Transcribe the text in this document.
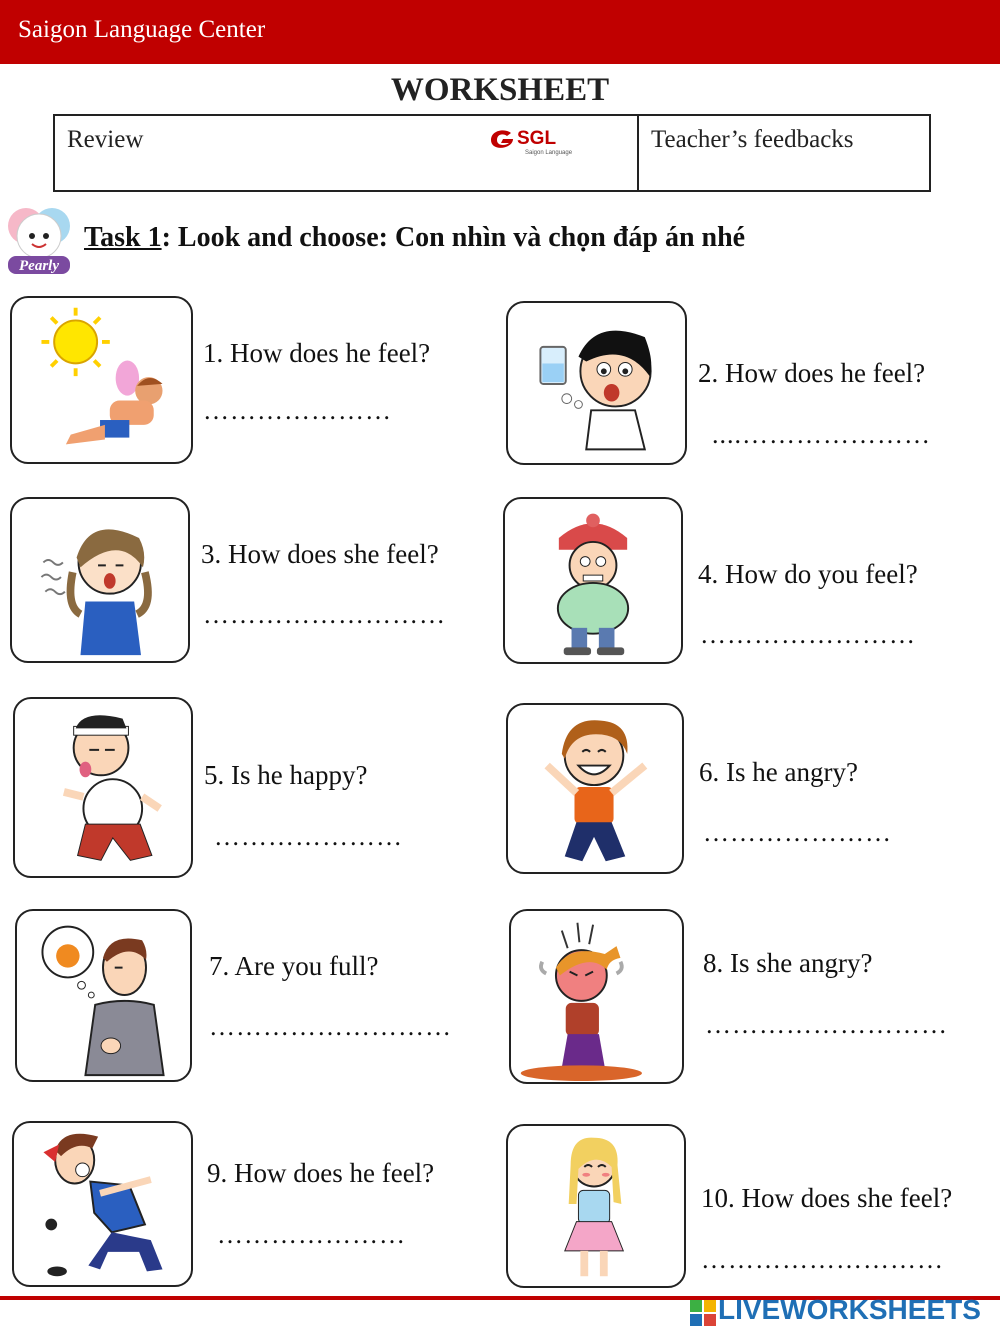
Saigon Language Center
WORKSHEET
Review	SGL
Saigon Language	Teacher’s feedbacks
Pearly
Task 1: Look and choose: Con nhìn và chọn đáp án nhé
1. How does he feel?
…………………
2. How does he feel?
....…………………
3. How does she feel?
………………………
4. How do you feel?
……………………
5. Is he happy?
…………………
6. Is he angry?
…………………
7. Are you full?
………………………
8. Is she angry?
………………………
9. How does he feel?
…………………
10. How does she feel?
………………………
LIVEWORKSHEETS
